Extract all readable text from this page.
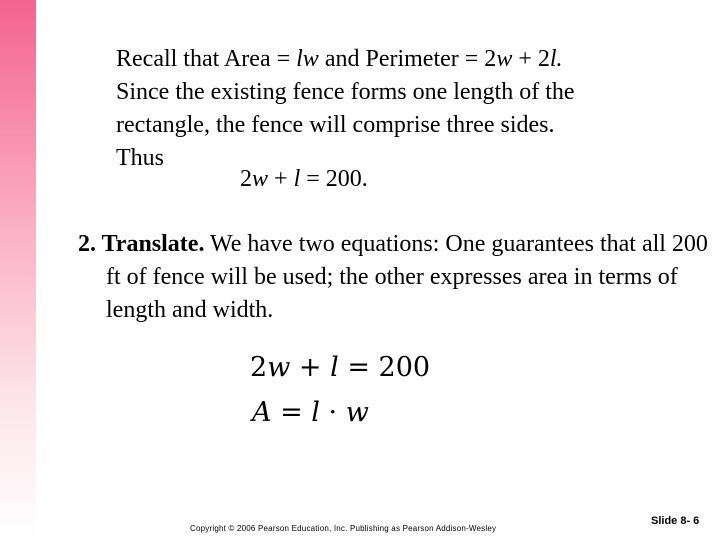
Recall that Area = lw and Perimeter = 2w + 2l.
Since the existing fence forms one length of the
rectangle, the fence will comprise three sides.
Thus

2w + l = 200.

2. Translate. We have two equations: One guarantees that all 200 ft of fence will be used; the other expresses area in terms of length and width.

2w + l = 200
A = l · w
Copyright © 2006 Pearson Education, Inc. Publishing as Pearson Addison-Wesley
Slide 8- 6
